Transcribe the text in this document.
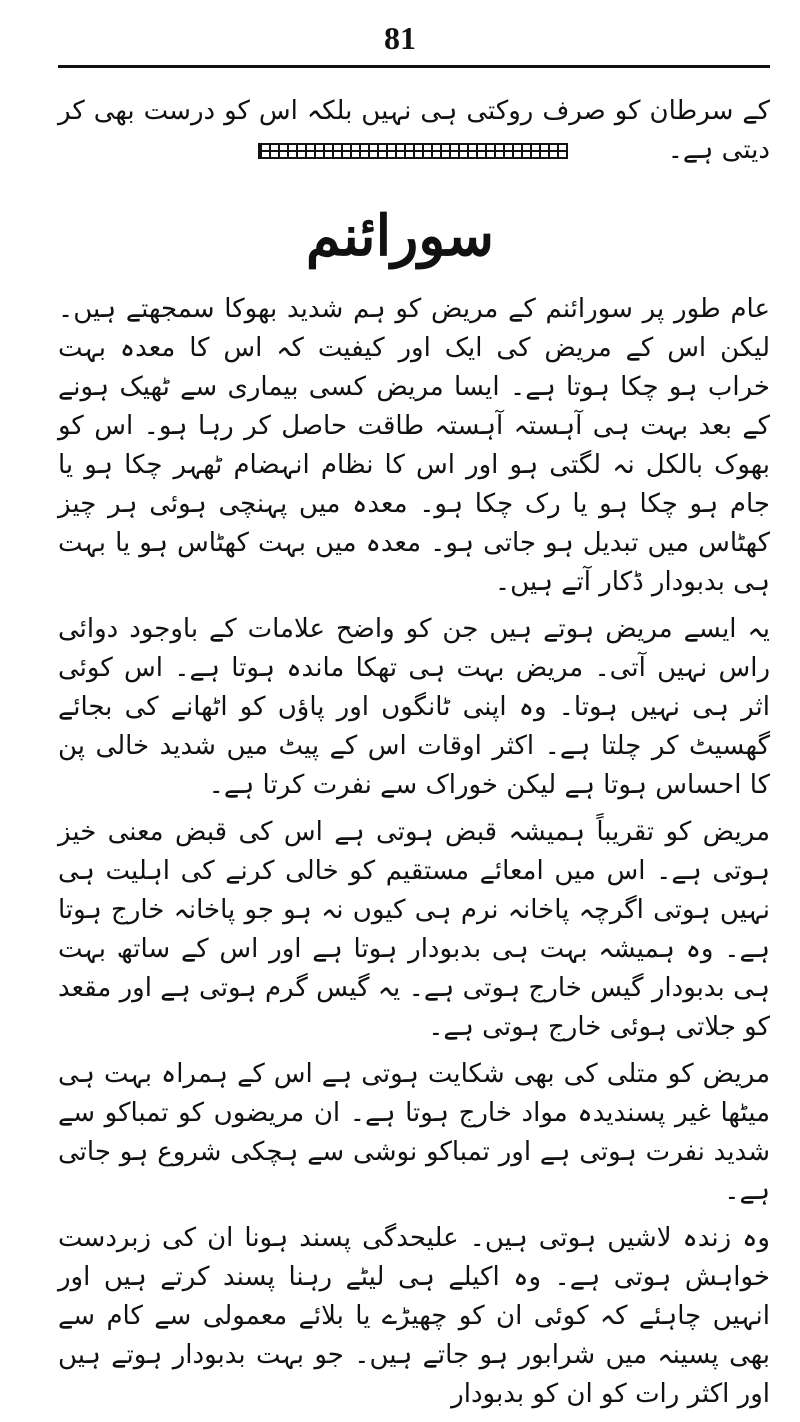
81

کے سرطان کو صرف روکتی ہی نہیں بلکہ اس کو درست بھی کر دیتی ہے۔

سورائنم

عام طور پر سورائنم کے مریض کو ہم شدید بھوکا سمجھتے ہیں۔ لیکن اس کے مریض کی ایک اور کیفیت کہ اس کا معدہ بہت خراب ہو چکا ہوتا ہے۔ ایسا مریض کسی بیماری سے ٹھیک ہونے کے بعد بہت ہی آہستہ آہستہ طاقت حاصل کر رہا ہو۔ اس کو بھوک بالکل نہ لگتی ہو اور اس کا نظام انہضام ٹھہر چکا ہو یا جام ہو چکا ہو یا رک چکا ہو۔ معدہ میں پہنچی ہوئی ہر چیز کھٹاس میں تبدیل ہو جاتی ہو۔ معدہ میں بہت کھٹاس ہو یا بہت ہی بدبودار ڈکار آتے ہیں۔

یہ ایسے مریض ہوتے ہیں جن کو واضح علامات کے باوجود دوائی راس نہیں آتی۔ مریض بہت ہی تھکا ماندہ ہوتا ہے۔ اس کوئی اثر ہی نہیں ہوتا۔ وہ اپنی ٹانگوں اور پاؤں کو اٹھانے کی بجائے گھسیٹ کر چلتا ہے۔ اکثر اوقات اس کے پیٹ میں شدید خالی پن کا احساس ہوتا ہے لیکن خوراک سے نفرت کرتا ہے۔

مریض کو تقریباً ہمیشہ قبض ہوتی ہے اس کی قبض معنی خیز ہوتی ہے۔ اس میں امعائے مستقیم کو خالی کرنے کی اہلیت ہی نہیں ہوتی اگرچہ پاخانہ نرم ہی کیوں نہ ہو جو پاخانہ خارج ہوتا ہے۔ وہ ہمیشہ بہت ہی بدبودار ہوتا ہے اور اس کے ساتھ بہت ہی بدبودار گیس خارج ہوتی ہے۔ یہ گیس گرم ہوتی ہے اور مقعد کو جلاتی ہوئی خارج ہوتی ہے۔

مریض کو متلی کی بھی شکایت ہوتی ہے اس کے ہمراہ بہت ہی میٹھا غیر پسندیدہ مواد خارج ہوتا ہے۔ ان مریضوں کو تمباکو سے شدید نفرت ہوتی ہے اور تمباکو نوشی سے ہچکی شروع ہو جاتی ہے۔

وہ زندہ لاشیں ہوتی ہیں۔ علیحدگی پسند ہونا ان کی زبردست خواہش ہوتی ہے۔ وہ اکیلے ہی لیٹے رہنا پسند کرتے ہیں اور انہیں چاہئے کہ کوئی ان کو چھیڑے یا بلائے معمولی سے کام سے بھی پسینہ میں شرابور ہو جاتے ہیں۔ جو بہت بدبودار ہوتے ہیں اور اکثر رات کو ان کو بدبودار
